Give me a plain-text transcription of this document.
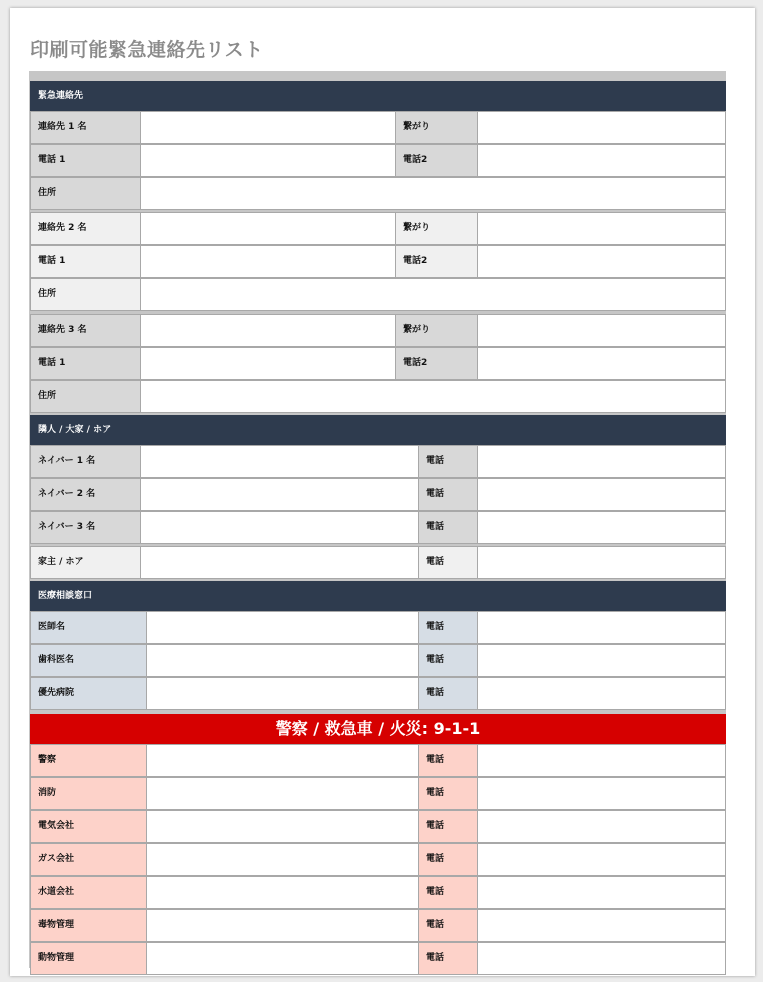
印刷可能緊急連絡先リスト
緊急連絡先
連絡先 1 名	繋がり
電話 1	電話2
住所
連絡先 2 名	繋がり
電話 1	電話2
住所
連絡先 3 名	繋がり
電話 1	電話2
住所
隣人 / 大家 / ホア
ネイバー 1 名	電話
ネイバー 2 名	電話
ネイバー 3 名	電話
家主 / ホア	電話
医療相談窓口
医師名	電話
歯科医名	電話
優先病院	電話
警察 / 救急車 / 火災: 9-1-1
警察	電話
消防	電話
電気会社	電話
ガス会社	電話
水道会社	電話
毒物管理	電話
動物管理	電話
